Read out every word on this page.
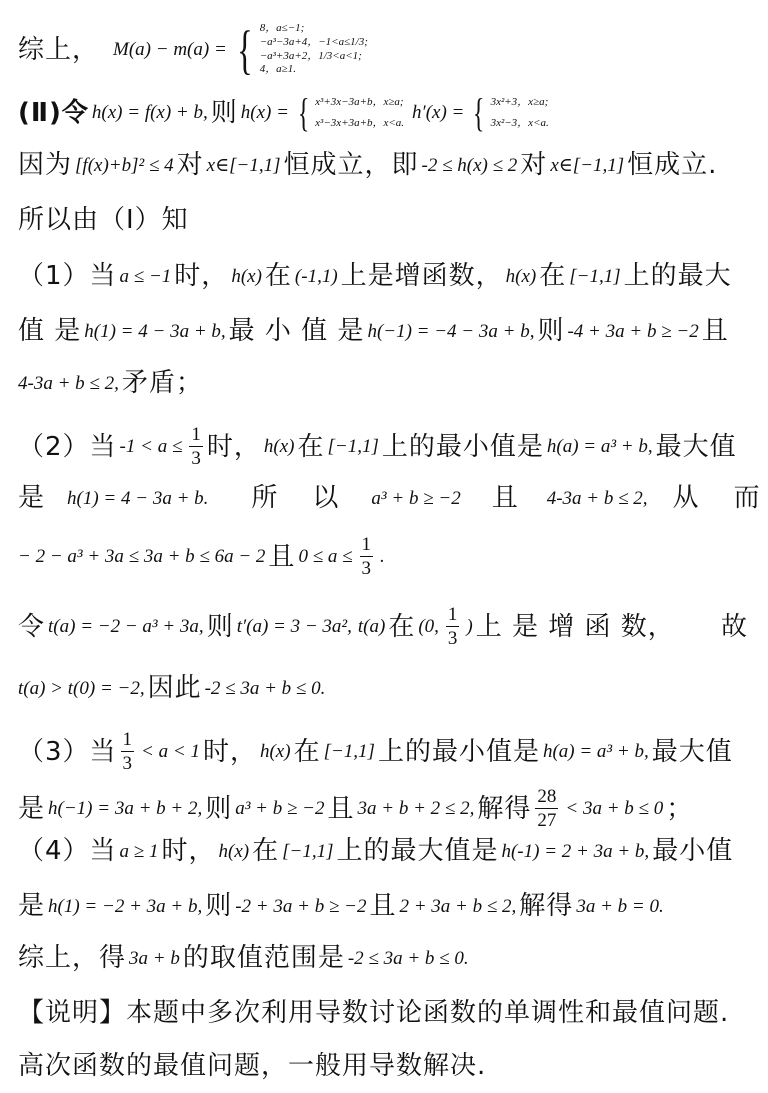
综上， M(a) − m(a) = { 8，a≤−1;
−a³−3a+4，−1<a≤1/3;
−a³+3a+2，1/3<a<1;
4，a≥1.
(Ⅱ)令 h(x) = f(x) + b, 则 h(x) = { x³+3x−3a+b，x≥a;
x³−3x+3a+b，x<a. h′(x) = { 3x²+3，x≥a;
3x²−3，x<a.
因为 [f(x)+b]² ≤ 4 对 x∈[−1,1] 恒成立，即 -2 ≤ h(x) ≤ 2 对 x∈[−1,1] 恒成立.
所以由（Ⅰ）知
（1）当 a ≤ −1 时， h(x) 在 (-1,1) 上是增函数， h(x) 在 [−1,1] 上的最大
值 是 h(1) = 4 − 3a + b, 最 小 值 是 h(−1) = −4 − 3a + b, 则 -4 + 3a + b ≥ −2 且
4-3a + b ≤ 2, 矛盾；
（2）当 $-1 < a \le \frac{1}{3}$ 时， h(x) 在 [−1,1] 上的最小值是 h(a) = a³ + b, 最大值
是 h(1) = 4 − 3a + b. 所 以 a³ + b ≥ −2 且 4-3a + b ≤ 2, 从 而
− 2 − a³ + 3a ≤ 3a + b ≤ 6a − 2 且 $0 \le a \le \frac{1}{3}$ .
令 t(a) = −2 − a³ + 3a, 则 t′(a) = 3 − 3a², t(a) 在 (0, $\frac{1}{3}$ ) 上 是 增 函 数， 故
t(a) > t(0) = −2, 因此 -2 ≤ 3a + b ≤ 0.
（3）当 $\frac{1}{3} < a < 1$ 时， h(x) 在 [−1,1] 上的最小值是 h(a) = a³ + b, 最大值
是 h(−1) = 3a + b + 2, 则 a³ + b ≥ −2 且 3a + b + 2 ≤ 2, 解得 $\frac{28}{27} < 3a + b \le 0$ ；
（4）当 a ≥ 1 时， h(x) 在 [−1,1] 上的最大值是 h(-1) = 2 + 3a + b, 最小值
是 h(1) = −2 + 3a + b, 则 -2 + 3a + b ≥ −2 且 2 + 3a + b ≤ 2, 解得 3a + b = 0.
综上，得 3a + b 的取值范围是 -2 ≤ 3a + b ≤ 0.
【说明】本题中多次利用导数讨论函数的单调性和最值问题.
高次函数的最值问题，一般用导数解决.
